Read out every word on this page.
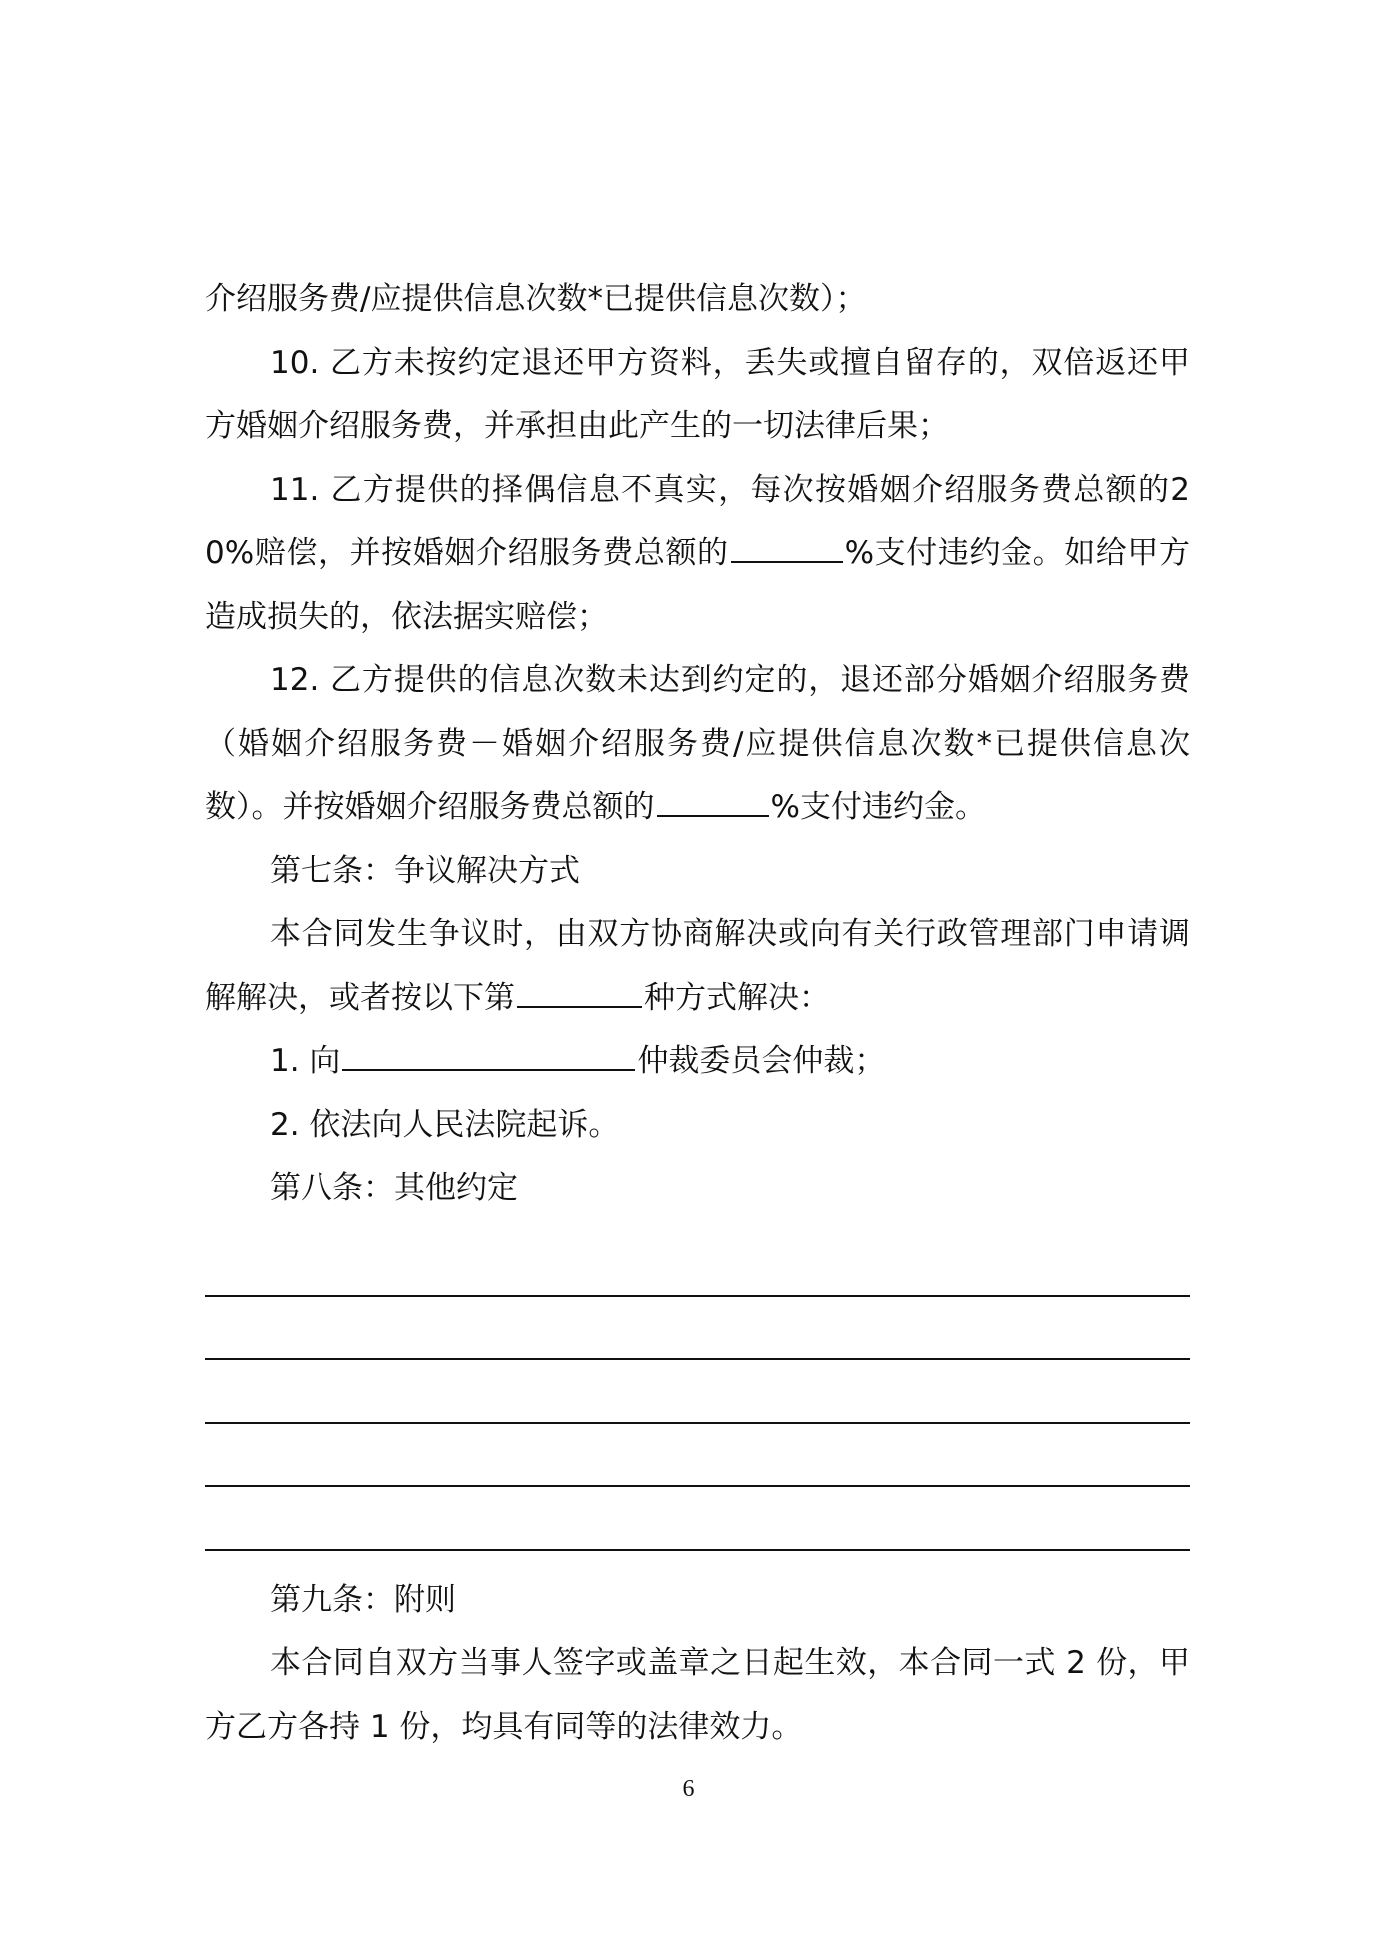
介绍服务费/应提供信息次数*已提供信息次数）；

10. 乙方未按约定退还甲方资料，丢失或擅自留存的，双倍返还甲方婚姻介绍服务费，并承担由此产生的一切法律后果；

11. 乙方提供的择偶信息不真实，每次按婚姻介绍服务费总额的20%赔偿，并按婚姻介绍服务费总额的	%支付违约金。如给甲方造成损失的，依法据实赔偿；

12. 乙方提供的信息次数未达到约定的，退还部分婚姻介绍服务费（婚姻介绍服务费－婚姻介绍服务费/应提供信息次数*已提供信息次数）。并按婚姻介绍服务费总额的	%支付违约金。

第七条：争议解决方式

本合同发生争议时，由双方协商解决或向有关行政管理部门申请调解解决，或者按以下第	种方式解决：

1. 向	仲裁委员会仲裁；

2. 依法向人民法院起诉。

第八条：其他约定

第九条：附则

本合同自双方当事人签字或盖章之日起生效，本合同一式 2 份，甲方乙方各持 1 份，均具有同等的法律效力。

6
